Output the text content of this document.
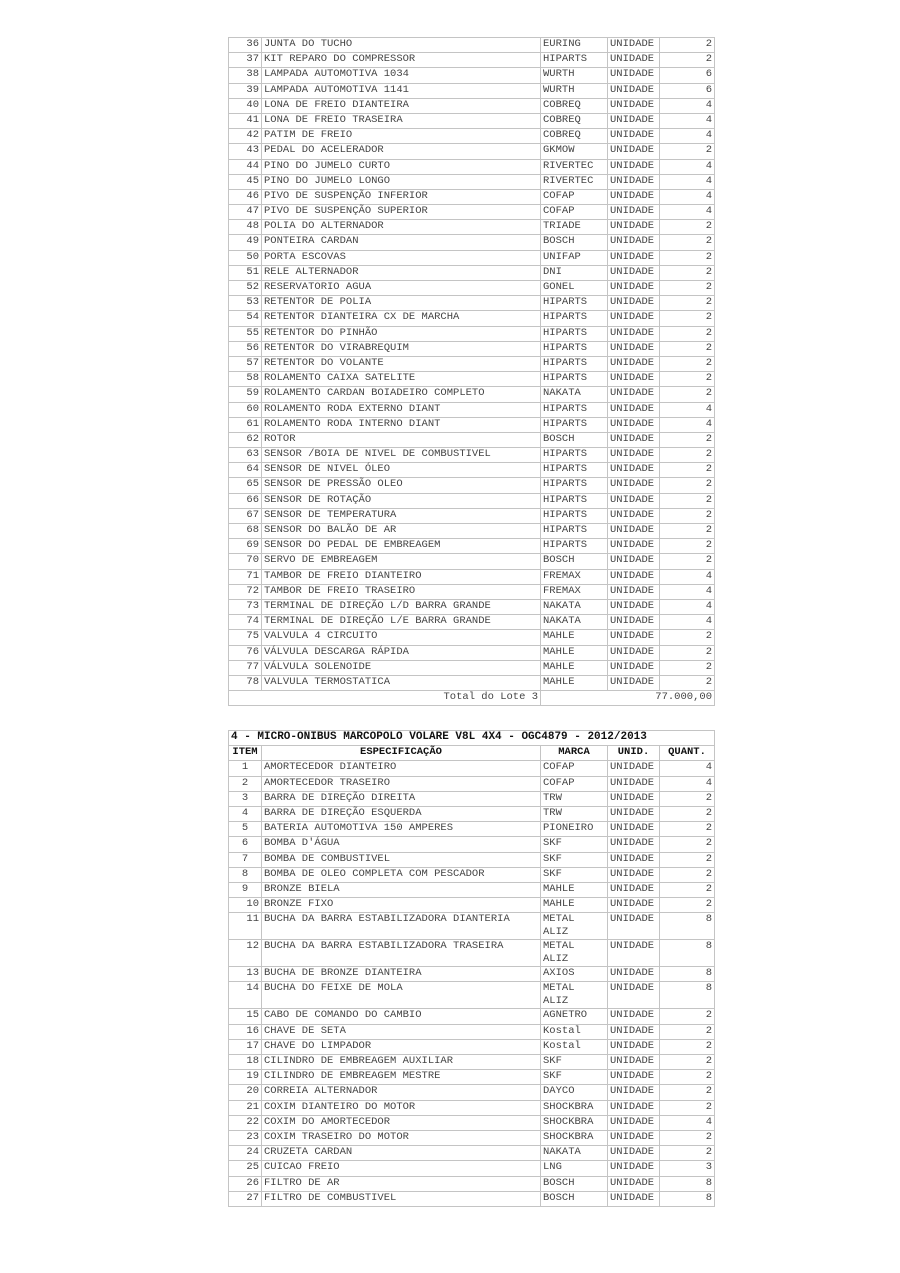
36	JUNTA DO TUCHO	EURING	UNIDADE	2
37	KIT REPARO DO COMPRESSOR	HIPARTS	UNIDADE	2
38	LAMPADA AUTOMOTIVA 1034	WURTH	UNIDADE	6
39	LAMPADA AUTOMOTIVA 1141	WURTH	UNIDADE	6
40	LONA DE FREIO DIANTEIRA	COBREQ	UNIDADE	4
41	LONA DE FREIO TRASEIRA	COBREQ	UNIDADE	4
42	PATIM DE FREIO	COBREQ	UNIDADE	4
43	PEDAL DO ACELERADOR	GKMOW	UNIDADE	2
44	PINO DO JUMELO CURTO	RIVERTEC	UNIDADE	4
45	PINO DO JUMELO LONGO	RIVERTEC	UNIDADE	4
46	PIVO DE SUSPENÇÃO INFERIOR	COFAP	UNIDADE	4
47	PIVO DE SUSPENÇÃO SUPERIOR	COFAP	UNIDADE	4
48	POLIA DO ALTERNADOR	TRIADE	UNIDADE	2
49	PONTEIRA CARDAN	BOSCH	UNIDADE	2
50	PORTA ESCOVAS	UNIFAP	UNIDADE	2
51	RELE ALTERNADOR	DNI	UNIDADE	2
52	RESERVATORIO AGUA	GONEL	UNIDADE	2
53	RETENTOR DE POLIA	HIPARTS	UNIDADE	2
54	RETENTOR DIANTEIRA CX DE MARCHA	HIPARTS	UNIDADE	2
55	RETENTOR DO PINHÃO	HIPARTS	UNIDADE	2
56	RETENTOR DO VIRABREQUIM	HIPARTS	UNIDADE	2
57	RETENTOR DO VOLANTE	HIPARTS	UNIDADE	2
58	ROLAMENTO CAIXA SATELITE	HIPARTS	UNIDADE	2
59	ROLAMENTO CARDAN BOIADEIRO COMPLETO	NAKATA	UNIDADE	2
60	ROLAMENTO RODA EXTERNO DIANT	HIPARTS	UNIDADE	4
61	ROLAMENTO RODA INTERNO DIANT	HIPARTS	UNIDADE	4
62	ROTOR	BOSCH	UNIDADE	2
63	SENSOR /BOIA DE NIVEL DE COMBUSTIVEL	HIPARTS	UNIDADE	2
64	SENSOR DE NIVEL ÓLEO	HIPARTS	UNIDADE	2
65	SENSOR DE PRESSÃO OLEO	HIPARTS	UNIDADE	2
66	SENSOR DE ROTAÇÃO	HIPARTS	UNIDADE	2
67	SENSOR DE TEMPERATURA	HIPARTS	UNIDADE	2
68	SENSOR DO BALÃO DE AR	HIPARTS	UNIDADE	2
69	SENSOR DO PEDAL DE EMBREAGEM	HIPARTS	UNIDADE	2
70	SERVO DE EMBREAGEM	BOSCH	UNIDADE	2
71	TAMBOR DE FREIO DIANTEIRO	FREMAX	UNIDADE	4
72	TAMBOR DE FREIO TRASEIRO	FREMAX	UNIDADE	4
73	TERMINAL DE DIREÇÃO L/D BARRA GRANDE	NAKATA	UNIDADE	4
74	TERMINAL DE DIREÇÃO L/E BARRA GRANDE	NAKATA	UNIDADE	4
75	VALVULA 4 CIRCUITO	MAHLE	UNIDADE	2
76	VÁLVULA DESCARGA RÁPIDA	MAHLE	UNIDADE	2
77	VÁLVULA SOLENOIDE	MAHLE	UNIDADE	2
78	VALVULA TERMOSTATICA	MAHLE	UNIDADE	2
Total do Lote 3		77.000,00		
4 - MICRO-ONIBUS MARCOPOLO VOLARE V8L 4X4 - OGC4879 - 2012/2013				
ITEM	ESPECIFICAÇÃO	MARCA	UNID.	QUANT.
1	AMORTECEDOR DIANTEIRO	COFAP	UNIDADE	4
2	AMORTECEDOR TRASEIRO	COFAP	UNIDADE	4
3	BARRA DE DIREÇÃO DIREITA	TRW	UNIDADE	2
4	BARRA DE DIREÇÃO ESQUERDA	TRW	UNIDADE	2
5	BATERIA AUTOMOTIVA 150 AMPERES	PIONEIRO	UNIDADE	2
6	BOMBA D'ÁGUA	SKF	UNIDADE	2
7	BOMBA DE COMBUSTIVEL	SKF	UNIDADE	2
8	BOMBA DE OLEO COMPLETA COM PESCADOR	SKF	UNIDADE	2
9	BRONZE BIELA	MAHLE	UNIDADE	2
10	BRONZE FIXO	MAHLE	UNIDADE	2
11	BUCHA DA BARRA ESTABILIZADORA DIANTERIA	METAL ALIZ	UNIDADE	8
12	BUCHA DA BARRA ESTABILIZADORA TRASEIRA	METAL ALIZ	UNIDADE	8
13	BUCHA DE BRONZE DIANTEIRA	AXIOS	UNIDADE	8
14	BUCHA DO FEIXE DE MOLA	METAL ALIZ	UNIDADE	8
15	CABO DE COMANDO DO CAMBIO	AGNETRO	UNIDADE	2
16	CHAVE DE SETA	Kostal	UNIDADE	2
17	CHAVE DO LIMPADOR	Kostal	UNIDADE	2
18	CILINDRO DE EMBREAGEM AUXILIAR	SKF	UNIDADE	2
19	CILINDRO DE EMBREAGEM MESTRE	SKF	UNIDADE	2
20	CORREIA ALTERNADOR	DAYCO	UNIDADE	2
21	COXIM DIANTEIRO DO MOTOR	SHOCKBRA	UNIDADE	2
22	COXIM DO AMORTECEDOR	SHOCKBRA	UNIDADE	4
23	COXIM TRASEIRO DO MOTOR	SHOCKBRA	UNIDADE	2
24	CRUZETA CARDAN	NAKATA	UNIDADE	2
25	CUICAO FREIO	LNG	UNIDADE	3
26	FILTRO DE AR	BOSCH	UNIDADE	8
27	FILTRO DE COMBUSTIVEL	BOSCH	UNIDADE	8
